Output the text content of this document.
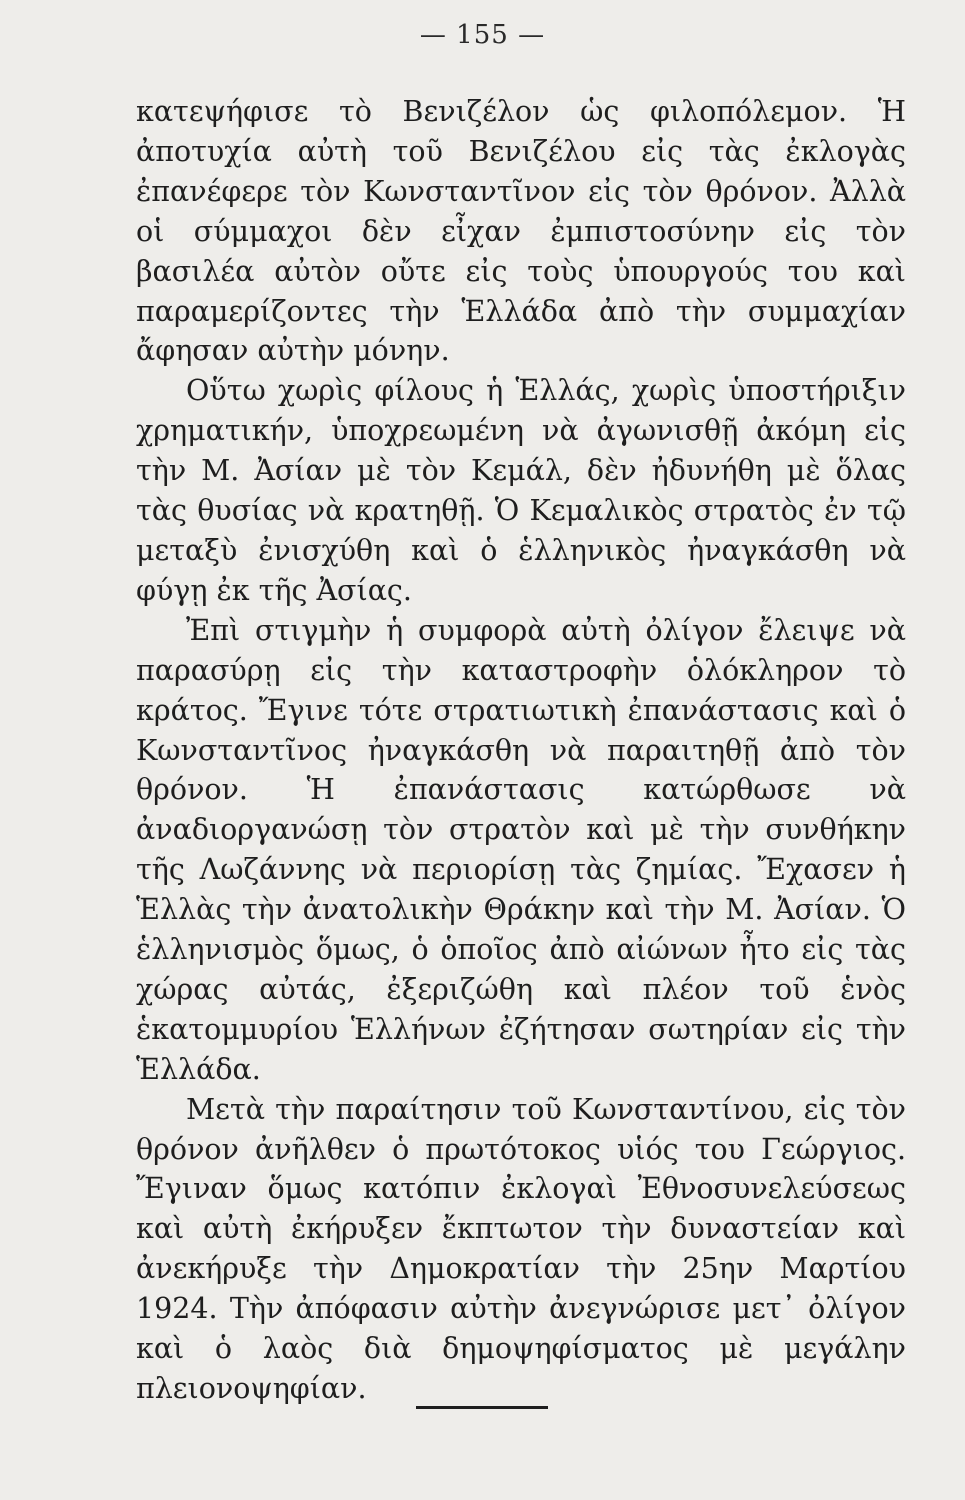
— 155 —

κατεψήφισε τὸ Βενιζέλον ὡς φιλοπόλεμον. Ἡ ἀποτυχία αὐτὴ τοῦ Βενιζέλου εἰς τὰς ἐκλογὰς ἐπανέφερε τὸν Κωνσταντῖνον εἰς τὸν θρόνον. Ἀλλὰ οἱ σύμμαχοι δὲν εἶχαν ἐμπιστοσύνην εἰς τὸν βασιλέα αὐτὸν οὔτε εἰς τοὺς ὑπουργούς του καὶ παραμερίζοντες τὴν Ἑλλάδα ἀπὸ τὴν συμμαχίαν ἄφησαν αὐτὴν μόνην.

Οὕτω χωρὶς φίλους ἡ Ἑλλάς, χωρὶς ὑποστήριξιν χρηματικήν, ὑποχρεωμένη νὰ ἀγωνισθῇ ἀκόμη εἰς τὴν Μ. Ἀσίαν μὲ τὸν Κεμάλ, δὲν ἠδυνήθη μὲ ὅλας τὰς θυσίας νὰ κρατηθῇ. Ὁ Κεμαλικὸς στρατὸς ἐν τῷ μεταξὺ ἐνισχύθη καὶ ὁ ἑλληνικὸς ἠναγκάσθη νὰ φύγῃ ἐκ τῆς Ἀσίας.

Ἐπὶ στιγμὴν ἡ συμφορὰ αὐτὴ ὀλίγον ἔλειψε νὰ παρασύρῃ εἰς τὴν καταστροφὴν ὁλόκληρον τὸ κράτος. Ἔγινε τότε στρατιωτικὴ ἐπανάστασις καὶ ὁ Κωνσταντῖνος ἠναγκάσθη νὰ παραιτηθῇ ἀπὸ τὸν θρόνον. Ἡ ἐπανάστασις κατώρθωσε νὰ ἀναδιοργανώσῃ τὸν στρατὸν καὶ μὲ τὴν συνθήκην τῆς Λωζάννης νὰ περιορίσῃ τὰς ζημίας. Ἔχασεν ἡ Ἑλλὰς τὴν ἀνατολικὴν Θράκην καὶ τὴν Μ. Ἀσίαν. Ὁ ἑλληνισμὸς ὅμως, ὁ ὁποῖος ἀπὸ αἰώνων ἦτο εἰς τὰς χώρας αὐτάς, ἐξεριζώθη καὶ πλέον τοῦ ἑνὸς ἑκατομμυρίου Ἑλλήνων ἐζήτησαν σωτηρίαν εἰς τὴν Ἑλλάδα.

Μετὰ τὴν παραίτησιν τοῦ Κωνσταντίνου, εἰς τὸν θρόνον ἀνῆλθεν ὁ πρωτότοκος υἱός του Γεώργιος. Ἔγιναν ὅμως κατόπιν ἐκλογαὶ Ἐθνοσυνελεύσεως καὶ αὐτὴ ἐκήρυξεν ἔκπτωτον τὴν δυναστείαν καὶ ἀνεκήρυξε τὴν Δημοκρατίαν τὴν 25ην Μαρτίου 1924. Τὴν ἀπόφασιν αὐτὴν ἀνεγνώρισε μετ᾽ ὀλίγον καὶ ὁ λαὸς διὰ δημοψηφίσματος μὲ μεγάλην πλειονοψηφίαν.
